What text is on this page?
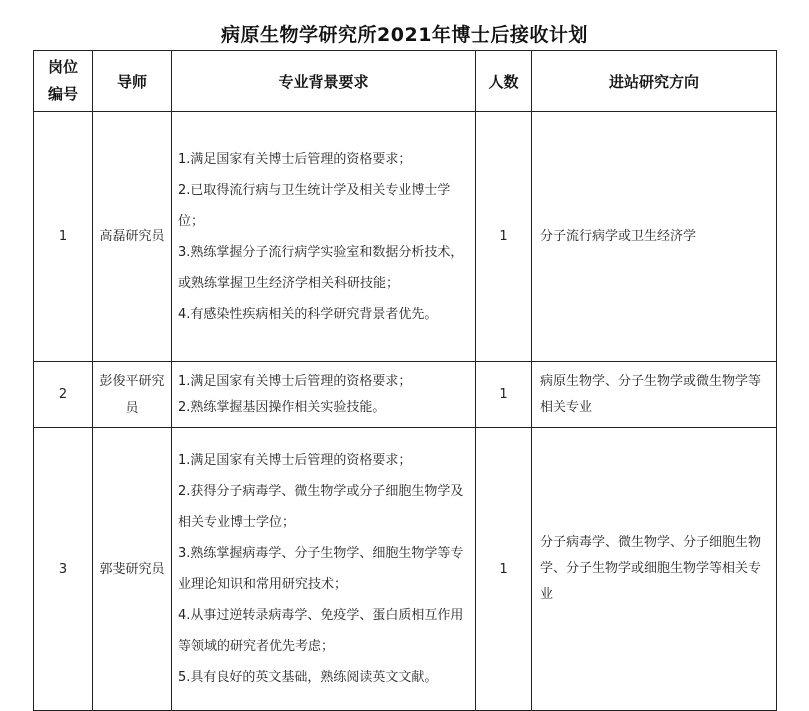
病原生物学研究所2021年博士后接收计划
岗位
编号	导师	专业背景要求	人数	进站研究方向
1	高磊研究员	1.满足国家有关博士后管理的资格要求；
2.已取得流行病与卫生统计学及相关专业博士学位；
3.熟练掌握分子流行病学实验室和数据分析技术，或熟练掌握卫生经济学相关科研技能；
4.有感染性疾病相关的科学研究背景者优先。	1	分子流行病学或卫生经济学
2	彭俊平研究员	1.满足国家有关博士后管理的资格要求；
2.熟练掌握基因操作相关实验技能。	1	病原生物学、分子生物学或微生物学等相关专业
3	郭斐研究员	1.满足国家有关博士后管理的资格要求；
2.获得分子病毒学、微生物学或分子细胞生物学及相关专业博士学位；
3.熟练掌握病毒学、分子生物学、细胞生物学等专业理论知识和常用研究技术；
4.从事过逆转录病毒学、免疫学、蛋白质相互作用等领域的研究者优先考虑；
5.具有良好的英文基础，熟练阅读英文文献。	1	分子病毒学、微生物学、分子细胞生物学、分子生物学或细胞生物学等相关专业
